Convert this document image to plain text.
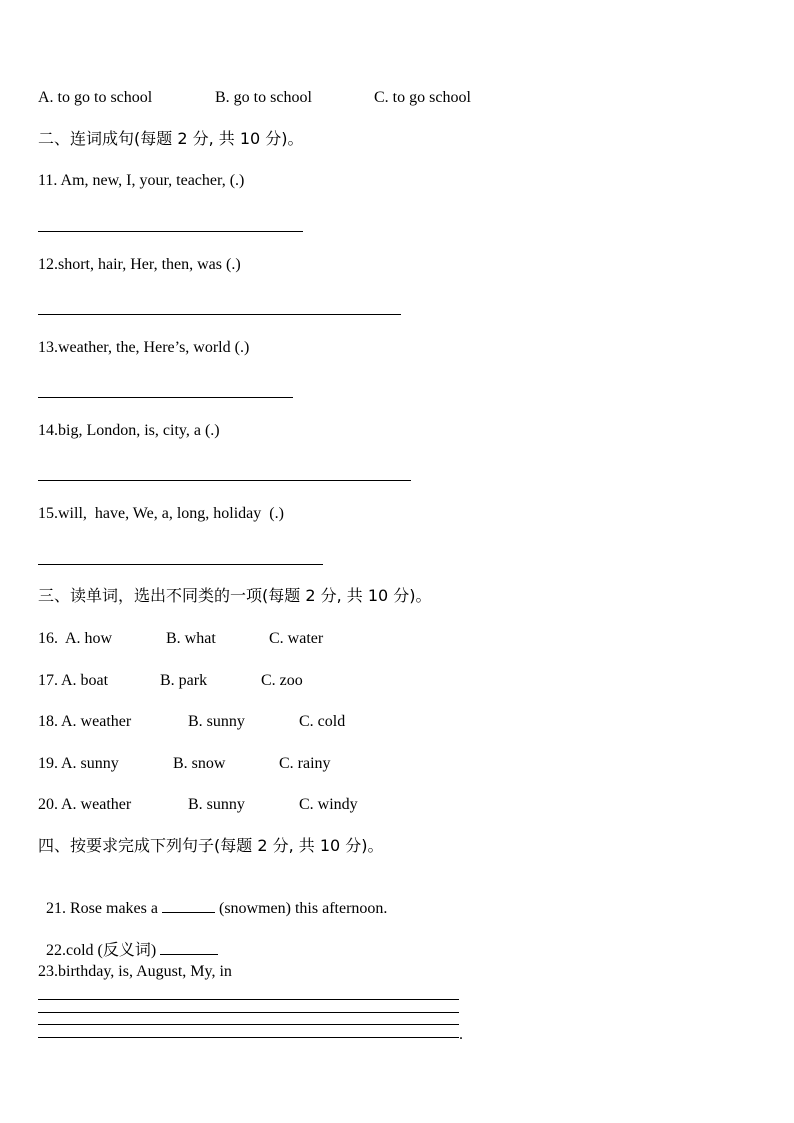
A. to go to school	B. go to school	C. to go school
二、连词成句(每题 2 分, 共 10 分)。
11. Am, new, I, your, teacher, (.)
12.short, hair, Her, then, was (.)
13.weather, the, Here’s, world (.)
14.big, London, is, city, a (.)
15.will,  have, We, a, long, holiday  (.)
三、读单词，选出不同类的一项(每题 2 分, 共 10 分)。
16. A. how	B. what	C. water
17. A. boat	B. park	C. zoo
18. A. weather	B. sunny	C. cold
19. A. sunny	B. snow	C. rainy
20. A. weather	B. sunny	C. windy
四、按要求完成下列句子(每题 2 分, 共 10 分)。

21. Rose makes a	(snowmen) this afternoon.

22.cold (反义词)

23.birthday, is, August, My, in
.
